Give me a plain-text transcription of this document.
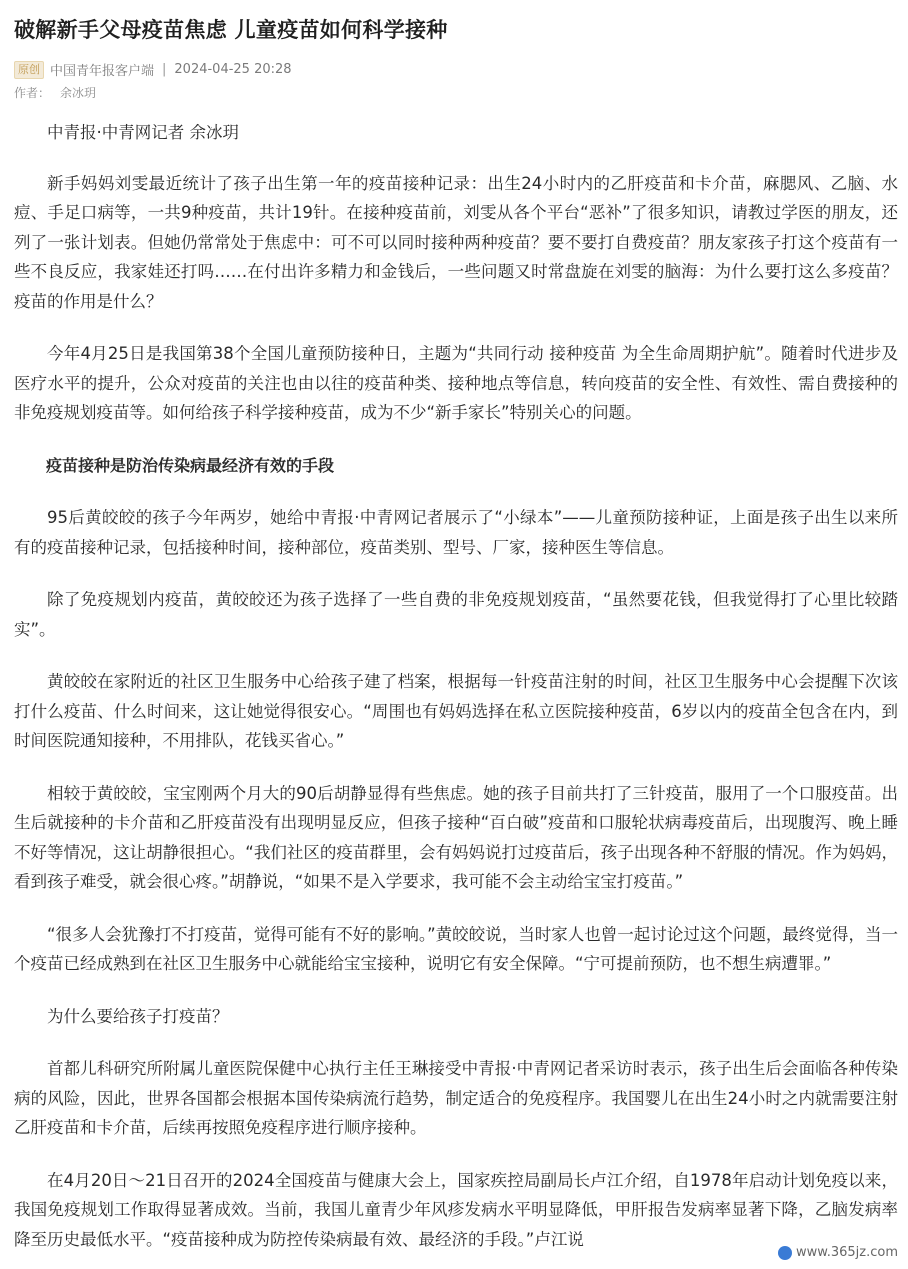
破解新手父母疫苗焦虑 儿童疫苗如何科学接种
原创 中国青年报客户端 | 2024-04-25 20:28
作者： 余冰玥

中青报·中青网记者 余冰玥

新手妈妈刘雯最近统计了孩子出生第一年的疫苗接种记录：出生24小时内的乙肝疫苗和卡介苗，麻腮风、乙脑、水痘、手足口病等，一共9种疫苗，共计19针。在接种疫苗前，刘雯从各个平台“恶补”了很多知识，请教过学医的朋友，还列了一张计划表。但她仍常常处于焦虑中：可不可以同时接种两种疫苗？要不要打自费疫苗？朋友家孩子打这个疫苗有一些不良反应，我家娃还打吗……在付出许多精力和金钱后，一些问题又时常盘旋在刘雯的脑海：为什么要打这么多疫苗？疫苗的作用是什么？

今年4月25日是我国第38个全国儿童预防接种日，主题为“共同行动 接种疫苗 为全生命周期护航”。随着时代进步及医疗水平的提升，公众对疫苗的关注也由以往的疫苗种类、接种地点等信息，转向疫苗的安全性、有效性、需自费接种的非免疫规划疫苗等。如何给孩子科学接种疫苗，成为不少“新手家长”特别关心的问题。

疫苗接种是防治传染病最经济有效的手段

95后黄皎皎的孩子今年两岁，她给中青报·中青网记者展示了“小绿本”——儿童预防接种证，上面是孩子出生以来所有的疫苗接种记录，包括接种时间，接种部位，疫苗类别、型号、厂家，接种医生等信息。

除了免疫规划内疫苗，黄皎皎还为孩子选择了一些自费的非免疫规划疫苗，“虽然要花钱，但我觉得打了心里比较踏实”。

黄皎皎在家附近的社区卫生服务中心给孩子建了档案，根据每一针疫苗注射的时间，社区卫生服务中心会提醒下次该打什么疫苗、什么时间来，这让她觉得很安心。“周围也有妈妈选择在私立医院接种疫苗，6岁以内的疫苗全包含在内，到时间医院通知接种，不用排队，花钱买省心。”

相较于黄皎皎，宝宝刚两个月大的90后胡静显得有些焦虑。她的孩子目前共打了三针疫苗，服用了一个口服疫苗。出生后就接种的卡介苗和乙肝疫苗没有出现明显反应，但孩子接种“百白破”疫苗和口服轮状病毒疫苗后，出现腹泻、晚上睡不好等情况，这让胡静很担心。“我们社区的疫苗群里，会有妈妈说打过疫苗后，孩子出现各种不舒服的情况。作为妈妈，看到孩子难受，就会很心疼。”胡静说，“如果不是入学要求，我可能不会主动给宝宝打疫苗。”

“很多人会犹豫打不打疫苗，觉得可能有不好的影响。”黄皎皎说，当时家人也曾一起讨论过这个问题，最终觉得，当一个疫苗已经成熟到在社区卫生服务中心就能给宝宝接种，说明它有安全保障。“宁可提前预防，也不想生病遭罪。”

为什么要给孩子打疫苗？

首都儿科研究所附属儿童医院保健中心执行主任王琳接受中青报·中青网记者采访时表示，孩子出生后会面临各种传染病的风险，因此，世界各国都会根据本国传染病流行趋势，制定适合的免疫程序。我国婴儿在出生24小时之内就需要注射乙肝疫苗和卡介苗，后续再按照免疫程序进行顺序接种。

在4月20日～21日召开的2024全国疫苗与健康大会上，国家疾控局副局长卢江介绍，自1978年启动计划免疫以来，我国免疫规划工作取得显著成效。当前，我国儿童青少年风疹发病水平明显降低，甲肝报告发病率显著下降，乙脑发病率降至历史最低水平。“疫苗接种成为防控传染病最有效、最经济的手段。”卢江说

www.365jz.com
